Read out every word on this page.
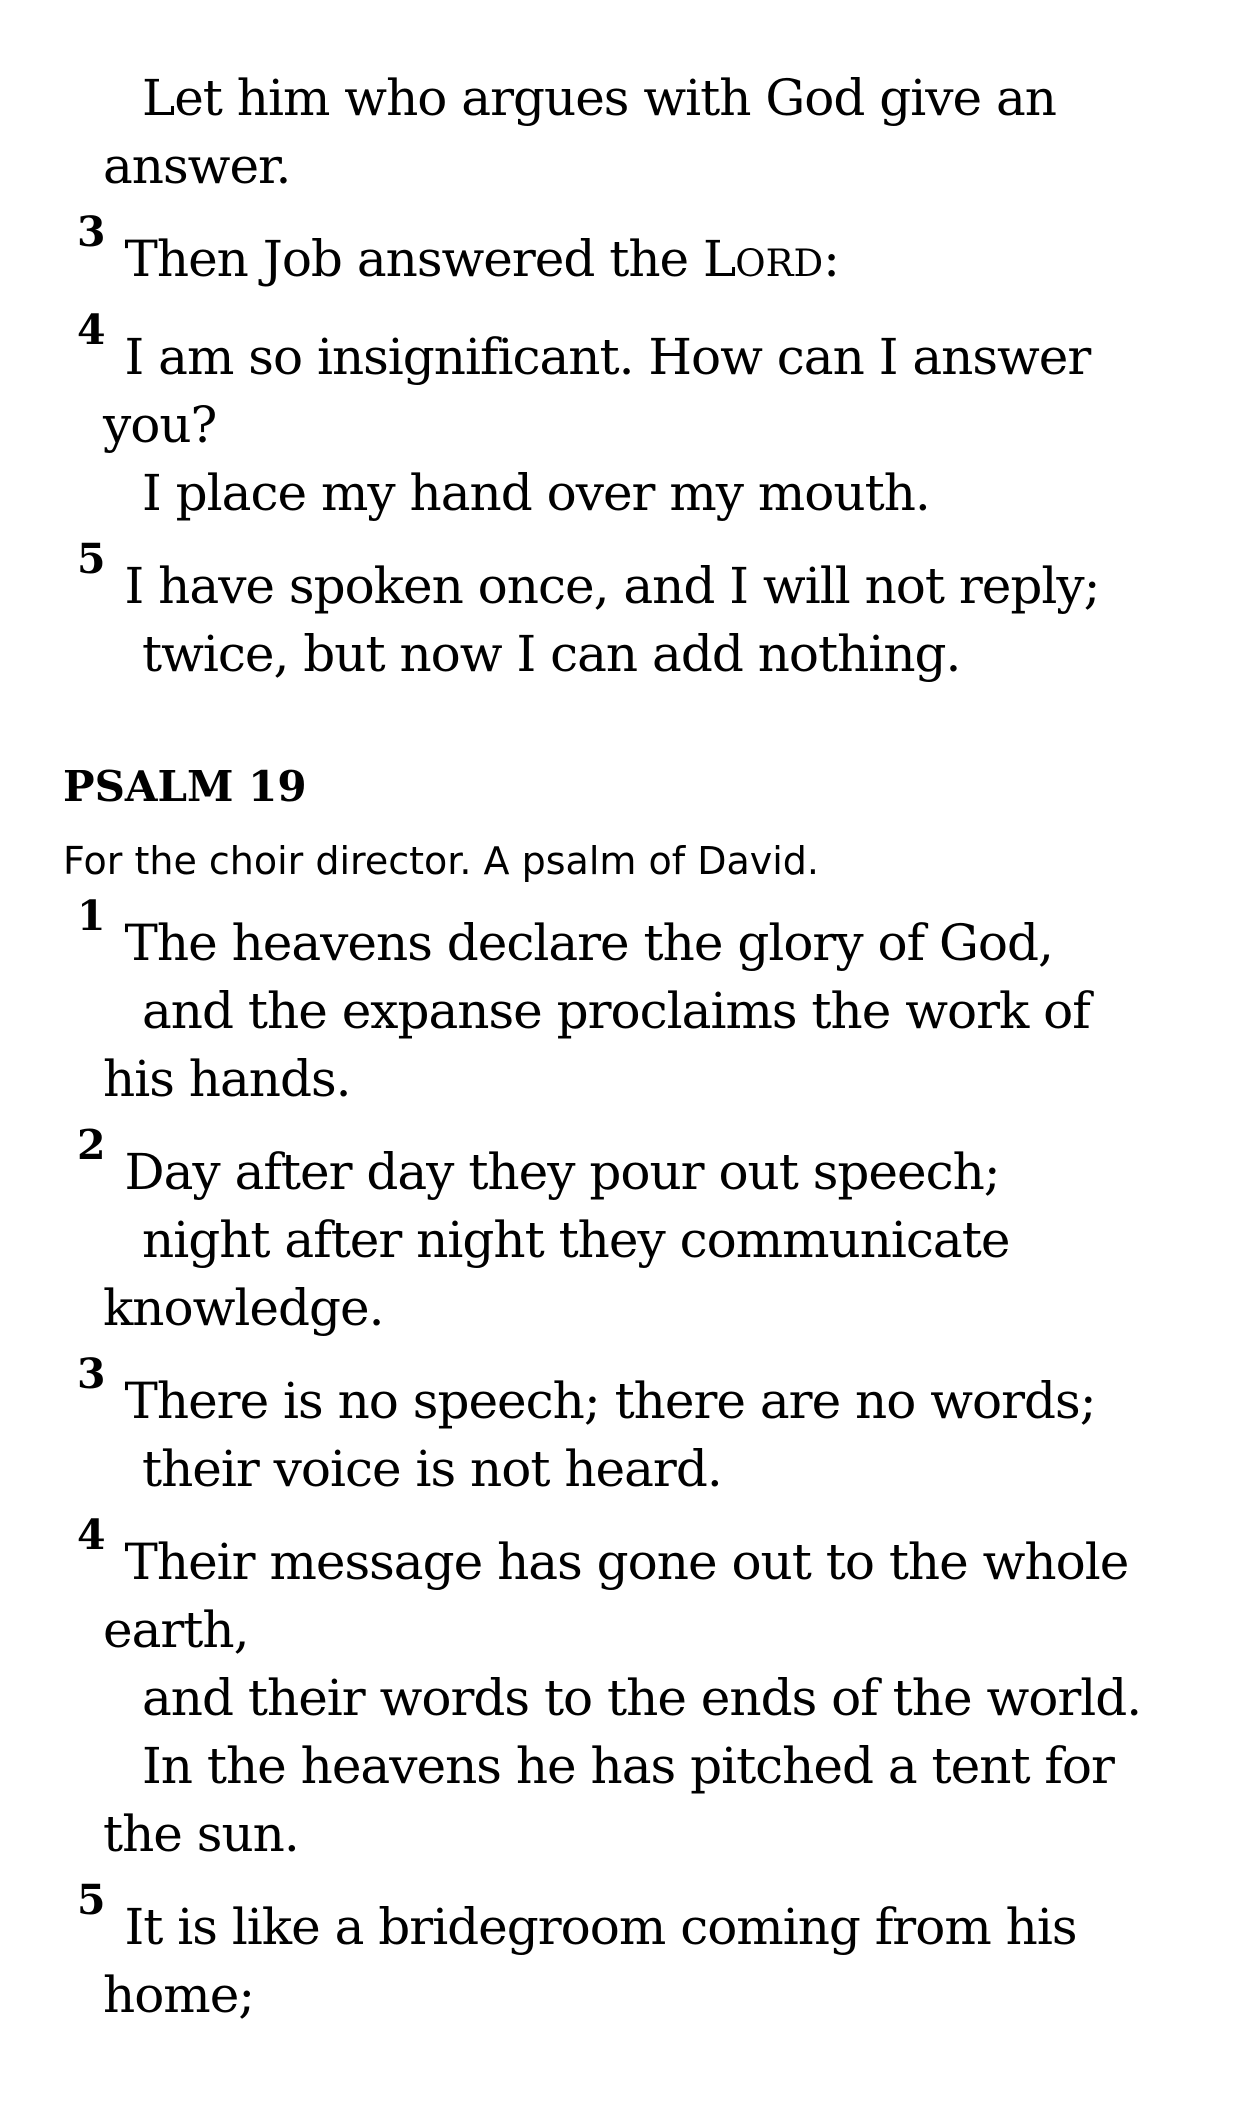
Let him who argues with God give an
answer.
3 Then Job answered the LORD:
4 I am so insignificant. How can I answer
you?
I place my hand over my mouth.
5 I have spoken once, and I will not reply;
twice, but now I can add nothing.
PSALM 19

For the choir director. A psalm of David.

1 The heavens declare the glory of God,
and the expanse proclaims the work of
his hands.
2 Day after day they pour out speech;
night after night they communicate
knowledge.
3 There is no speech; there are no words;
their voice is not heard.
4 Their message has gone out to the whole
earth,
and their words to the ends of the world.
In the heavens he has pitched a tent for
the sun.
5 It is like a bridegroom coming from his
home;
